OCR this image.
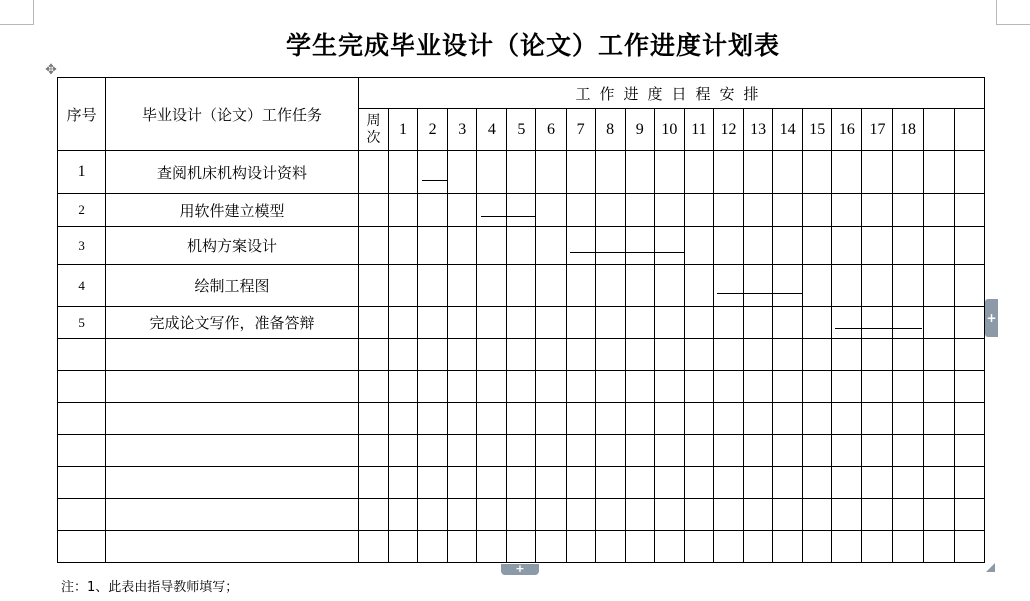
学生完成毕业设计（论文）工作进度计划表
✥
序号	毕业设计（论文）工作任务	工作进度日程安排																				

		周
次	1	2	3	4	5	6	7	8	9	10	11	12	13	14	15	16	17	18		
1	查阅机床机构设计资料																					
2	用软件建立模型																					
3	机构方案设计																					
4	绘制工程图																					
5	完成论文写作，准备答辩																					

																							+
+
注：1、此表由指导教师填写；
